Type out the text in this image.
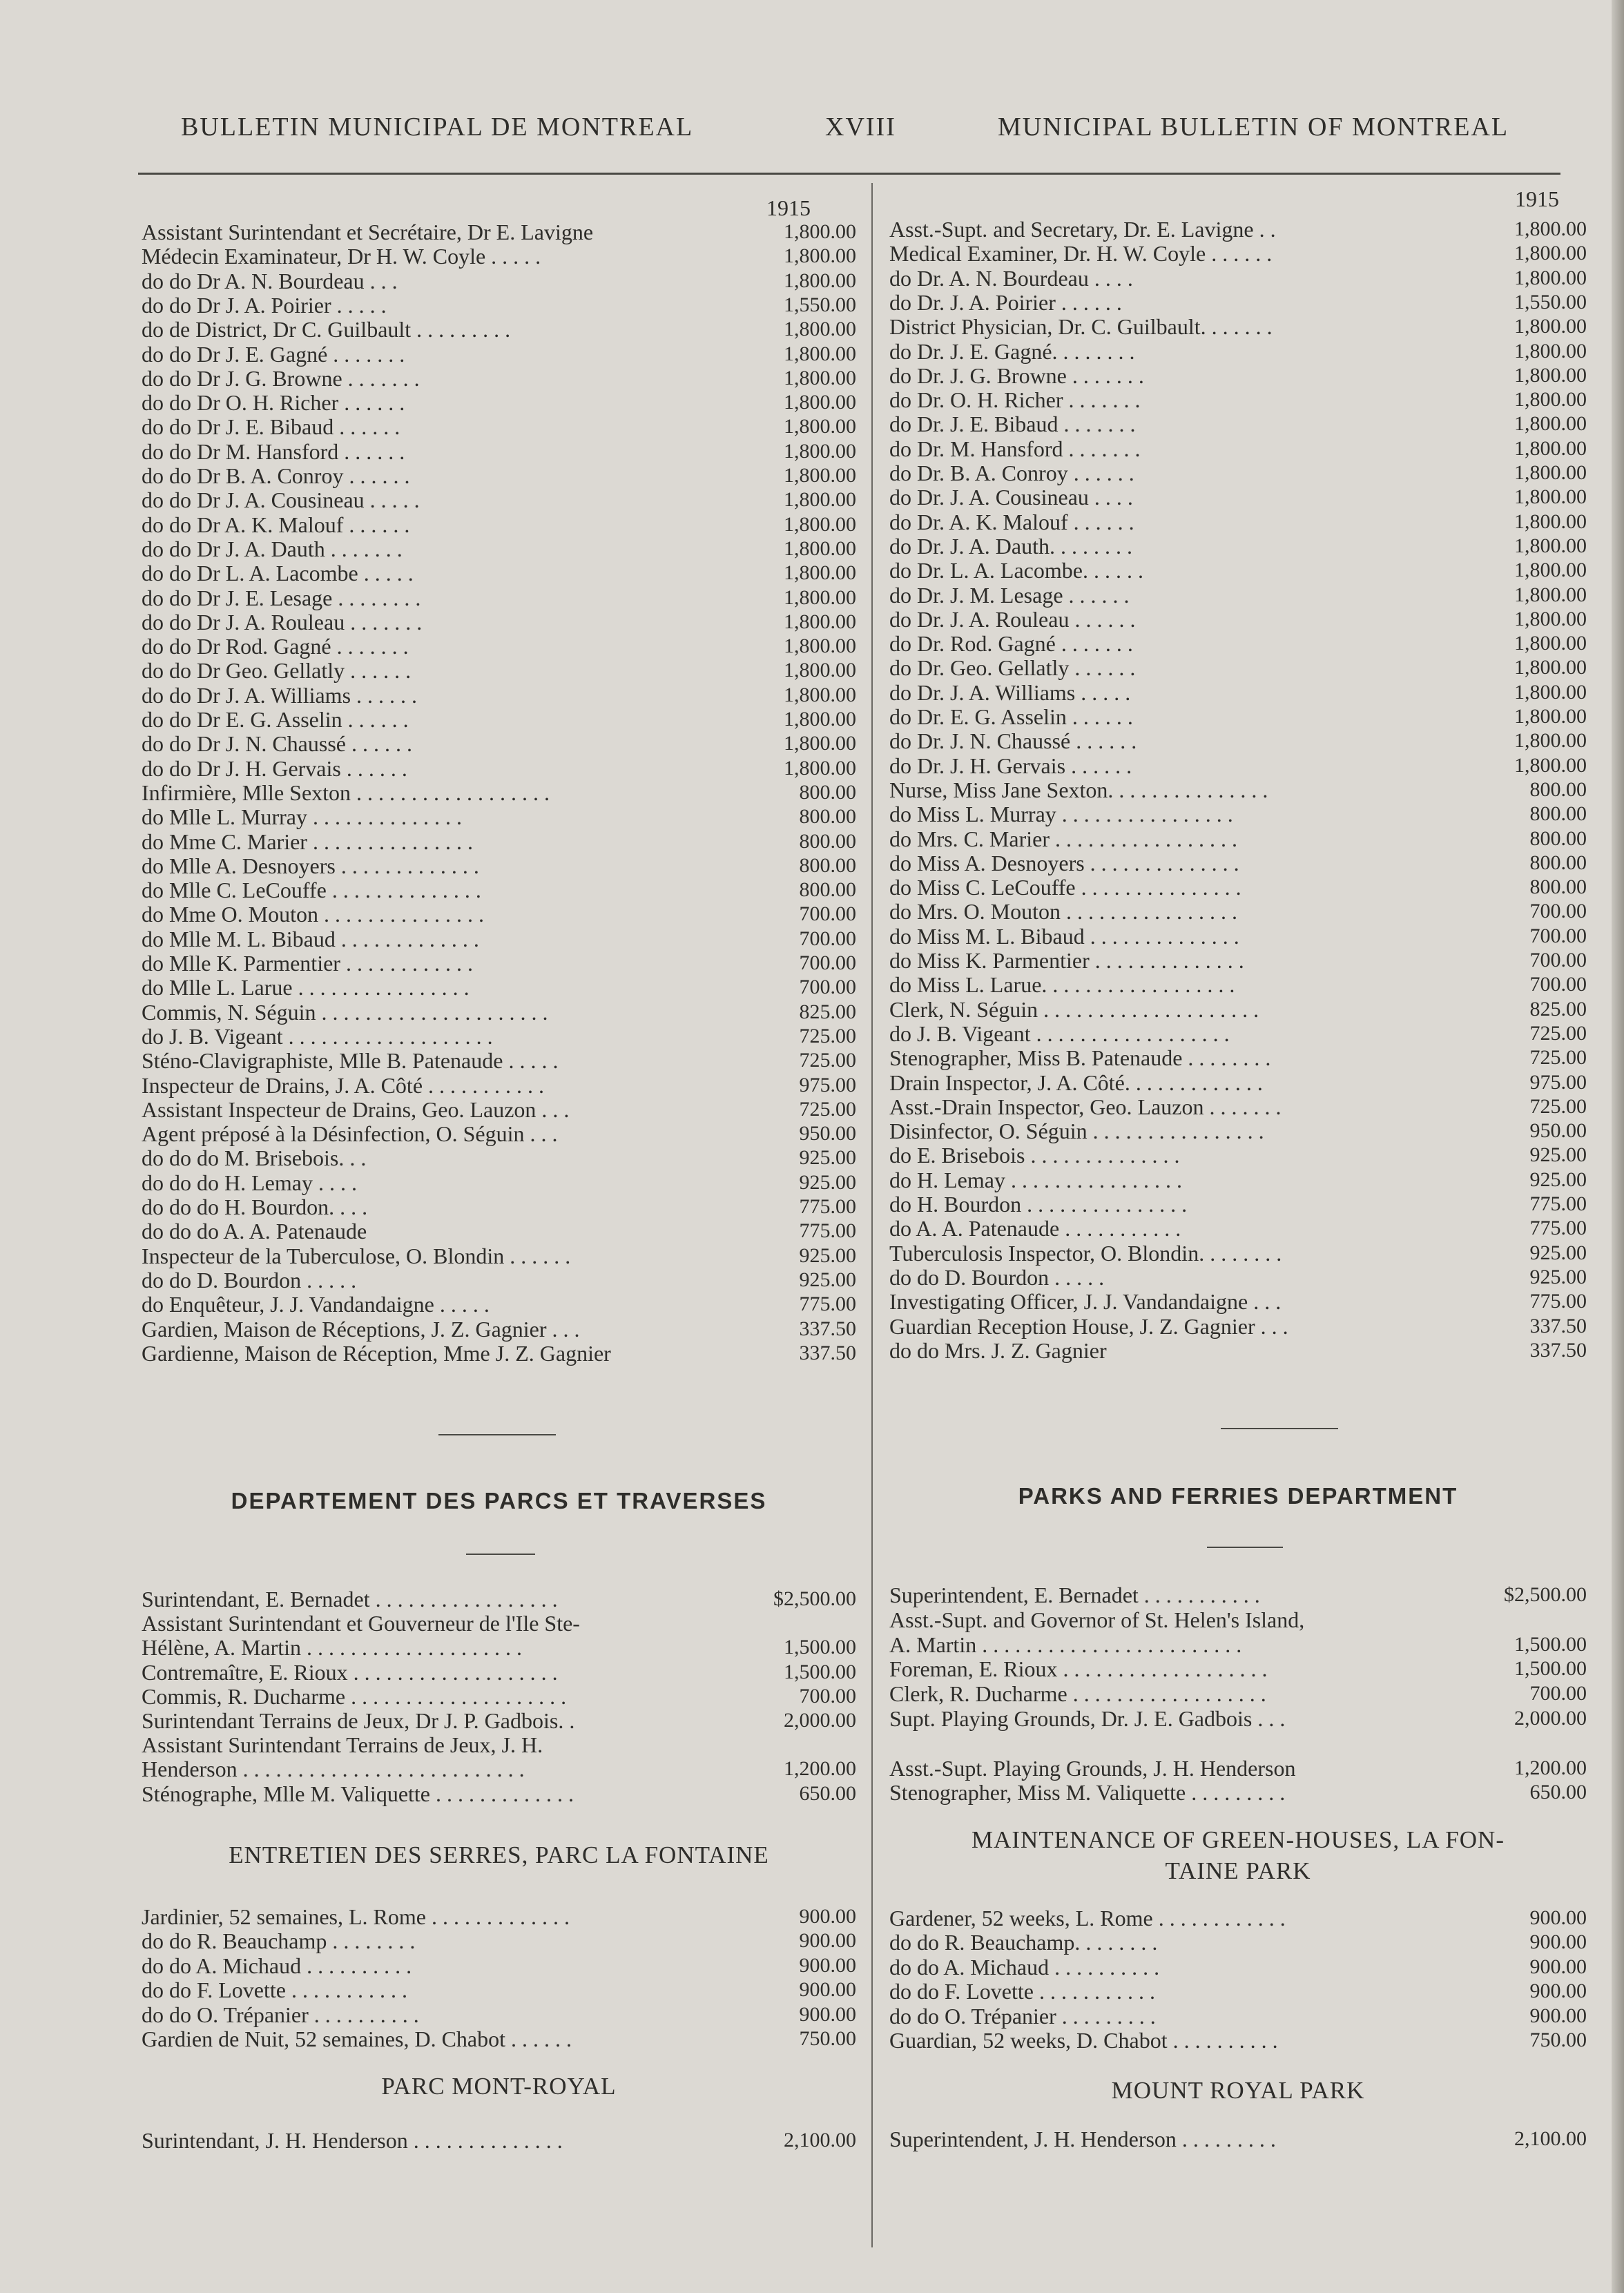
BULLETIN MUNICIPAL DE MONTREAL	XVIII	MUNICIPAL BULLETIN OF MONTREAL
1915
Assistant Surintendant et Secrétaire, Dr E. Lavigne	1,800.00
Médecin Examinateur, Dr H. W. Coyle . . . . .	1,800.00
do do Dr A. N. Bourdeau . . .	1,800.00
do do Dr J. A. Poirier . . . . .	1,550.00
do de District, Dr C. Guilbault . . . . . . . . .	1,800.00
do do Dr J. E. Gagné . . . . . . .	1,800.00
do do Dr J. G. Browne . . . . . . .	1,800.00
do do Dr O. H. Richer . . . . . .	1,800.00
do do Dr J. E. Bibaud . . . . . .	1,800.00
do do Dr M. Hansford . . . . . .	1,800.00
do do Dr B. A. Conroy . . . . . .	1,800.00
do do Dr J. A. Cousineau . . . . .	1,800.00
do do Dr A. K. Malouf . . . . . .	1,800.00
do do Dr J. A. Dauth . . . . . . .	1,800.00
do do Dr L. A. Lacombe . . . . .	1,800.00
do do Dr J. E. Lesage . . . . . . . .	1,800.00
do do Dr J. A. Rouleau . . . . . . .	1,800.00
do do Dr Rod. Gagné . . . . . . .	1,800.00
do do Dr Geo. Gellatly . . . . . .	1,800.00
do do Dr J. A. Williams . . . . . .	1,800.00
do do Dr E. G. Asselin . . . . . .	1,800.00
do do Dr J. N. Chaussé . . . . . .	1,800.00
do do Dr J. H. Gervais . . . . . .	1,800.00
Infirmière, Mlle Sexton . . . . . . . . . . . . . . . . . .	800.00
do Mlle L. Murray . . . . . . . . . . . . . .	800.00
do Mme C. Marier . . . . . . . . . . . . . . .	800.00
do Mlle A. Desnoyers . . . . . . . . . . . . .	800.00
do Mlle C. LeCouffe . . . . . . . . . . . . . .	800.00
do Mme O. Mouton . . . . . . . . . . . . . . .	700.00
do Mlle M. L. Bibaud . . . . . . . . . . . . .	700.00
do Mlle K. Parmentier . . . . . . . . . . . .	700.00
do Mlle L. Larue . . . . . . . . . . . . . . . .	700.00
Commis, N. Séguin . . . . . . . . . . . . . . . . . . . . .	825.00
do J. B. Vigeant . . . . . . . . . . . . . . . . . . .	725.00
Sténo-Clavigraphiste, Mlle B. Patenaude . . . . .	725.00
Inspecteur de Drains, J. A. Côté . . . . . . . . . . .	975.00
Assistant Inspecteur de Drains, Geo. Lauzon . . .	725.00
Agent préposé à la Désinfection, O. Séguin . . .	950.00
do do do M. Brisebois. . .	925.00
do do do H. Lemay . . . .	925.00
do do do H. Bourdon. . . .	775.00
do do do A. A. Patenaude	775.00
Inspecteur de la Tuberculose, O. Blondin . . . . . .	925.00
do do D. Bourdon . . . . .	925.00
do Enquêteur, J. J. Vandandaigne . . . . .	775.00
Gardien, Maison de Réceptions, J. Z. Gagnier . . .	337.50
Gardienne, Maison de Réception, Mme J. Z. Gagnier	337.50
DEPARTEMENT DES PARCS ET TRAVERSES
Surintendant, E. Bernadet . . . . . . . . . . . . . . . . .	$2,500.00
Assistant Surintendant et Gouverneur de l'Ile Ste-
Hélène, A. Martin . . . . . . . . . . . . . . . . . . . .	1,500.00
Contremaître, E. Rioux . . . . . . . . . . . . . . . . . . .	1,500.00
Commis, R. Ducharme . . . . . . . . . . . . . . . . . . . .	700.00
Surintendant Terrains de Jeux, Dr J. P. Gadbois. .	2,000.00
Assistant Surintendant Terrains de Jeux, J. H.
Henderson . . . . . . . . . . . . . . . . . . . . . . . . . .	1,200.00
Sténographe, Mlle M. Valiquette . . . . . . . . . . . . .	650.00
ENTRETIEN DES SERRES, PARC LA FONTAINE
Jardinier, 52 semaines, L. Rome . . . . . . . . . . . . .	900.00
do do R. Beauchamp . . . . . . . .	900.00
do do A. Michaud . . . . . . . . . .	900.00
do do F. Lovette . . . . . . . . . . .	900.00
do do O. Trépanier . . . . . . . . . .	900.00
Gardien de Nuit, 52 semaines, D. Chabot . . . . . .	750.00
PARC MONT-ROYAL
Surintendant, J. H. Henderson . . . . . . . . . . . . . .	2,100.00
1915
Asst.-Supt. and Secretary, Dr. E. Lavigne . .	1,800.00
Medical Examiner, Dr. H. W. Coyle . . . . . .	1,800.00
do Dr. A. N. Bourdeau . . . .	1,800.00
do Dr. J. A. Poirier . . . . . .	1,550.00
District Physician, Dr. C. Guilbault. . . . . . .	1,800.00
do Dr. J. E. Gagné. . . . . . . .	1,800.00
do Dr. J. G. Browne . . . . . . .	1,800.00
do Dr. O. H. Richer . . . . . . .	1,800.00
do Dr. J. E. Bibaud . . . . . . .	1,800.00
do Dr. M. Hansford . . . . . . .	1,800.00
do Dr. B. A. Conroy . . . . . .	1,800.00
do Dr. J. A. Cousineau . . . .	1,800.00
do Dr. A. K. Malouf . . . . . .	1,800.00
do Dr. J. A. Dauth. . . . . . . .	1,800.00
do Dr. L. A. Lacombe. . . . . .	1,800.00
do Dr. J. M. Lesage . . . . . .	1,800.00
do Dr. J. A. Rouleau . . . . . .	1,800.00
do Dr. Rod. Gagné . . . . . . .	1,800.00
do Dr. Geo. Gellatly . . . . . .	1,800.00
do Dr. J. A. Williams . . . . .	1,800.00
do Dr. E. G. Asselin . . . . . .	1,800.00
do Dr. J. N. Chaussé . . . . . .	1,800.00
do Dr. J. H. Gervais . . . . . .	1,800.00
Nurse, Miss Jane Sexton. . . . . . . . . . . . . . .	800.00
do Miss L. Murray . . . . . . . . . . . . . . . .	800.00
do Mrs. C. Marier . . . . . . . . . . . . . . . . .	800.00
do Miss A. Desnoyers . . . . . . . . . . . . . .	800.00
do Miss C. LeCouffe . . . . . . . . . . . . . . .	800.00
do Mrs. O. Mouton . . . . . . . . . . . . . . . .	700.00
do Miss M. L. Bibaud . . . . . . . . . . . . . .	700.00
do Miss K. Parmentier . . . . . . . . . . . . . .	700.00
do Miss L. Larue. . . . . . . . . . . . . . . . . .	700.00
Clerk, N. Séguin . . . . . . . . . . . . . . . . . . . .	825.00
do J. B. Vigeant . . . . . . . . . . . . . . . . . .	725.00
Stenographer, Miss B. Patenaude . . . . . . . .	725.00
Drain Inspector, J. A. Côté. . . . . . . . . . . . .	975.00
Asst.-Drain Inspector, Geo. Lauzon . . . . . . .	725.00
Disinfector, O. Séguin . . . . . . . . . . . . . . . .	950.00
do E. Brisebois . . . . . . . . . . . . . .	925.00
do H. Lemay . . . . . . . . . . . . . . . .	925.00
do H. Bourdon . . . . . . . . . . . . . . .	775.00
do A. A. Patenaude . . . . . . . . . . .	775.00
Tuberculosis Inspector, O. Blondin. . . . . . . .	925.00
do do D. Bourdon . . . . .	925.00
Investigating Officer, J. J. Vandandaigne . . .	775.00
Guardian Reception House, J. Z. Gagnier . . .	337.50
do do Mrs. J. Z. Gagnier	337.50
PARKS AND FERRIES DEPARTMENT
Superintendent, E. Bernadet . . . . . . . . . . .	$2,500.00
Asst.-Supt. and Governor of St. Helen's Island,
A. Martin . . . . . . . . . . . . . . . . . . . . . . . .	1,500.00
Foreman, E. Rioux . . . . . . . . . . . . . . . . . . .	1,500.00
Clerk, R. Ducharme . . . . . . . . . . . . . . . . . .	700.00
Supt. Playing Grounds, Dr. J. E. Gadbois . . .	2,000.00
Asst.-Supt. Playing Grounds, J. H. Henderson	1,200.00
Stenographer, Miss M. Valiquette . . . . . . . . .	650.00
MAINTENANCE OF GREEN-HOUSES, LA FON-
TAINE PARK
Gardener, 52 weeks, L. Rome . . . . . . . . . . . .	900.00
do do R. Beauchamp. . . . . . . .	900.00
do do A. Michaud . . . . . . . . . .	900.00
do do F. Lovette . . . . . . . . . . .	900.00
do do O. Trépanier . . . . . . . . .	900.00
Guardian, 52 weeks, D. Chabot . . . . . . . . . .	750.00
MOUNT ROYAL PARK
Superintendent, J. H. Henderson . . . . . . . . .	2,100.00
